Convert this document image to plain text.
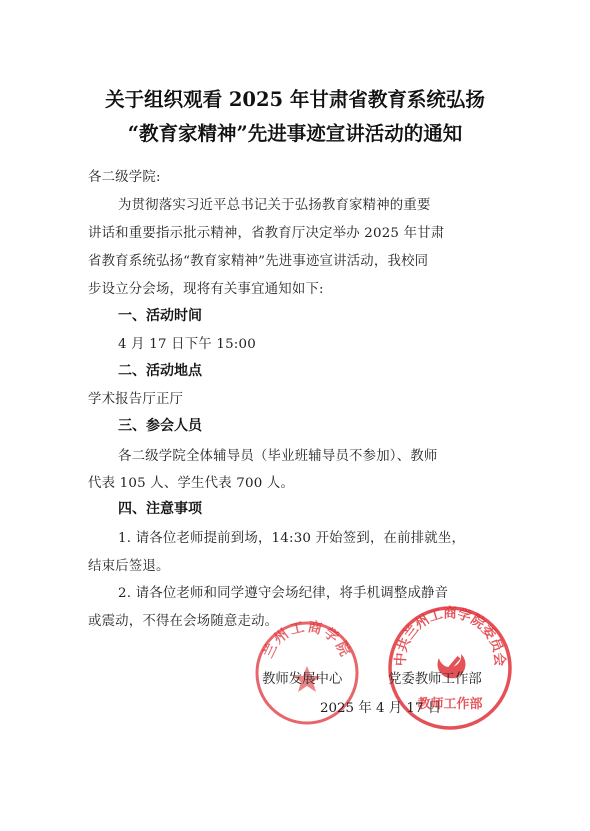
关于组织观看 2025 年甘肃省教育系统弘扬
“教育家精神”先进事迹宣讲活动的通知
各二级学院:
为贯彻落实习近平总书记关于弘扬教育家精神的重要
讲话和重要指示批示精神，省教育厅决定举办 2025 年甘肃
省教育系统弘扬“教育家精神”先进事迹宣讲活动，我校同
步设立分会场，现将有关事宜通知如下:
一、活动时间
4 月 17 日下午 15:00
二、活动地点
学术报告厅正厅
三、参会人员
各二级学院全体辅导员（毕业班辅导员不参加）、教师
代表 105 人、学生代表 700 人。
四、注意事项
1. 请各位老师提前到场，14:30 开始签到，在前排就坐，
结束后签退。
2. 请各位老师和同学遵守会场纪律，将手机调整成静音
或震动，不得在会场随意走动。
兰州工商学院	中共兰州工商学院委员会
教师工作部
教师发展中心	党委教师工作部
2025 年 4 月 17 日
